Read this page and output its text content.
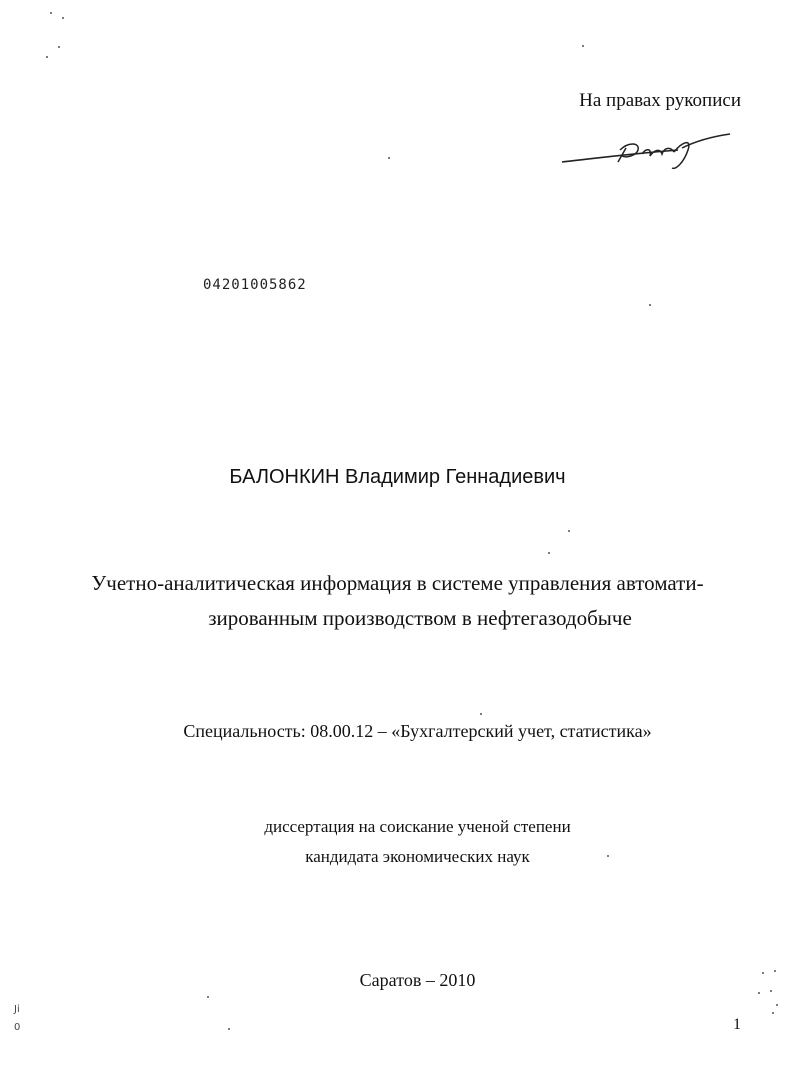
На правах рукописи
04201005862
БАЛОНКИН Владимир Геннадиевич
Учетно-аналитическая информация в системе управления автомати-
зированным производством в нефтегазодобыче
Специальность: 08.00.12 – «Бухгалтерский учет, статистика»
диссертация на соискание ученой степени
кандидата экономических наук
Саратов – 2010
1
Ji
0
